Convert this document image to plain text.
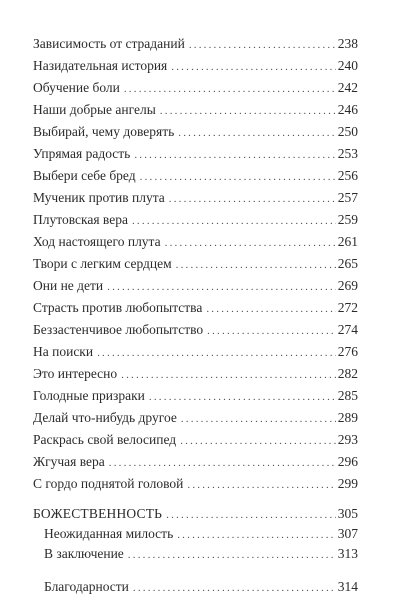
Зависимость от страданий .....	238
Назидательная история .....	240
Обучение боли .....	242
Наши добрые ангелы .....	246
Выбирай, чему доверять .....	250
Упрямая радость .....	253
Выбери себе бред .....	256
Мученик против плута .....	257
Плутовская вера .....	259
Ход настоящего плута .....	261
Твори с легким сердцем .....	265
Они не дети .....	269
Страсть против любопытства .....	272
Беззастенчивое любопытство .....	274
На поиски .....	276
Это интересно .....	282
Голодные призраки .....	285
Делай что-нибудь другое .....	289
Раскрась свой велосипед .....	293
Жгучая вера .....	296
С гордо поднятой головой .....	299
БОЖЕСТВЕННОСТЬ .....	305
Неожиданная милость .....	307
В заключение .....	313
Благодарности .....	314
